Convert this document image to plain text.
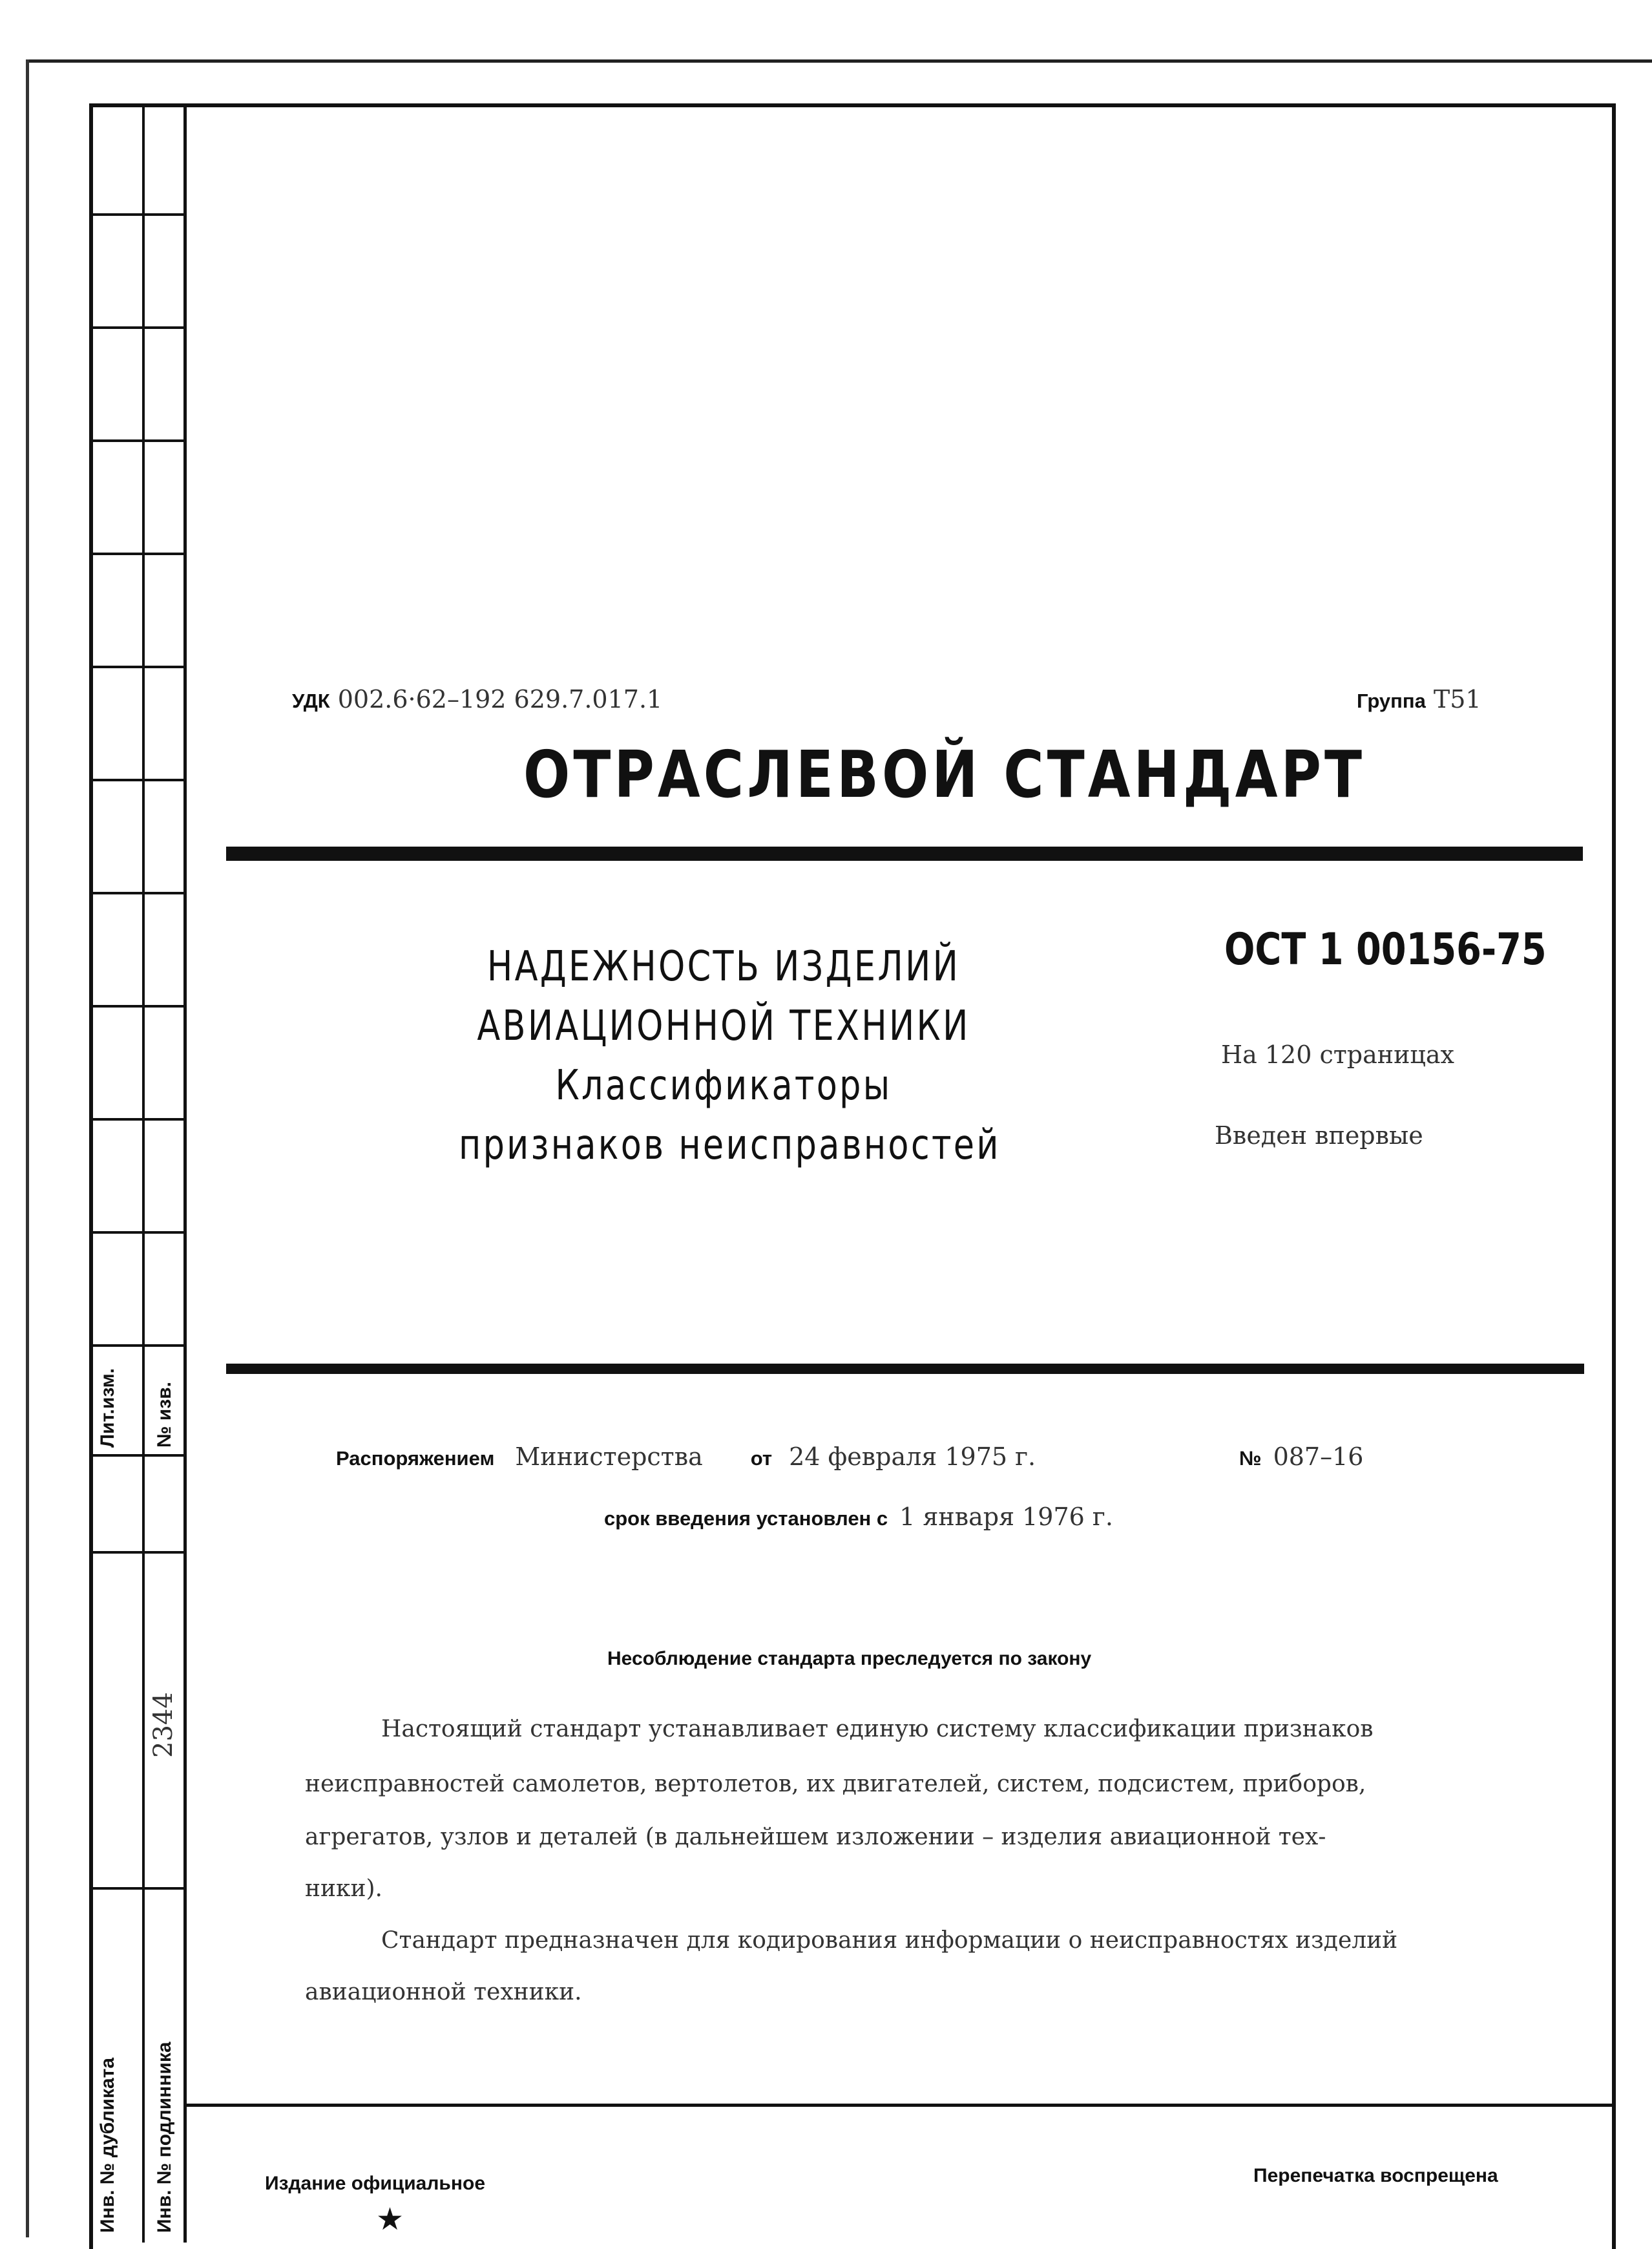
Лит.изм. № изв.
2344
Инв. № дубликата Инв. № подлинника
УДК 002.6·62–192 629.7.017.1	Группа Т51
ОТРАСЛЕВОЙ СТАНДАРТ
НАДЕЖНОСТЬ ИЗДЕЛИЙ
АВИАЦИОННОЙ ТЕХНИКИ
Классификаторы
признаков неисправностей
ОСТ 1 00156-75
На 120 страницах
Введен впервые
Распоряжением Министерства от 24 февраля 1975 г.	№ 087–16
срок введения установлен с 1 января 1976 г.
Несоблюдение стандарта преследуется по закону
Настоящий стандарт устанавливает единую систему классификации признаков
неисправностей самолетов, вертолетов, их двигателей, систем, подсистем, приборов,
агрегатов, узлов и деталей (в дальнейшем изложении – изделия авиационной тех-
ники).
Стандарт предназначен для кодирования информации о неисправностях изделий
авиационной техники.
Издание официальное
★
Перепечатка воспрещена
